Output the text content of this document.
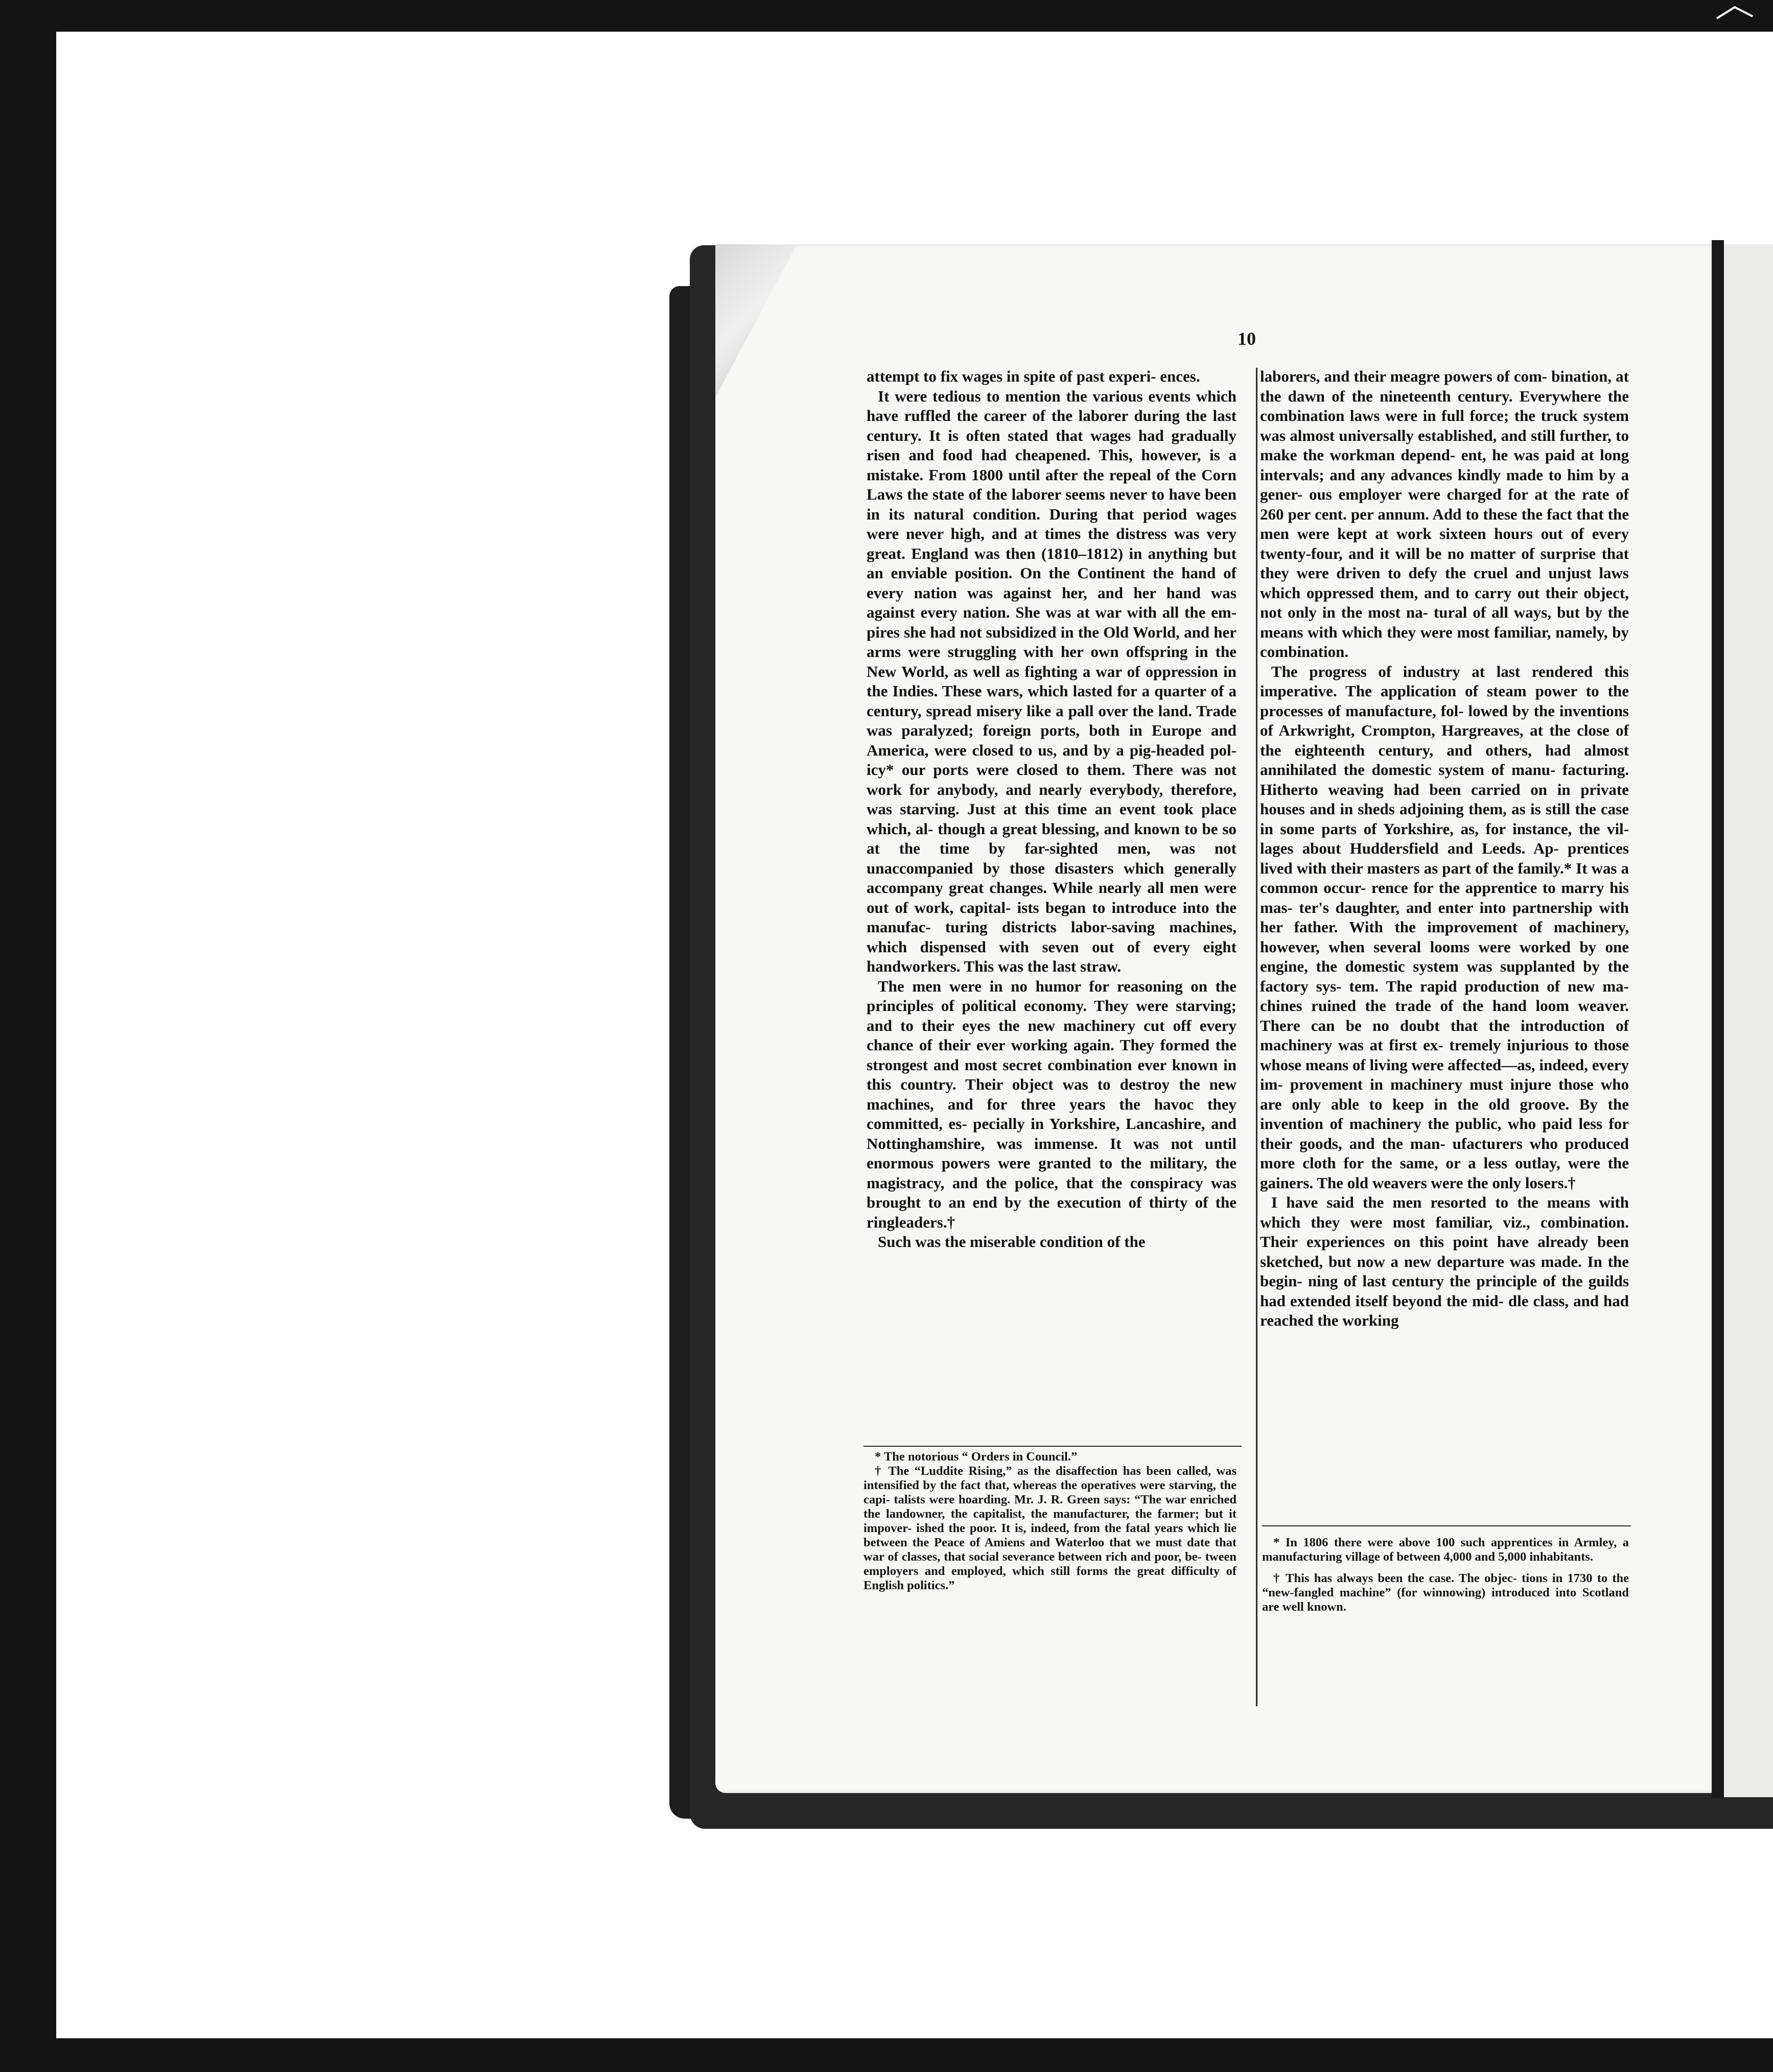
10

attempt to fix wages in spite of past experi- ences.

It were tedious to mention the various events which have ruffled the career of the laborer during the last century. It is often stated that wages had gradually risen and food had cheapened. This, however, is a mistake. From 1800 until after the repeal of the Corn Laws the state of the laborer seems never to have been in its natural condition. During that period wages were never high, and at times the distress was very great. England was then (1810–1812) in anything but an enviable position. On the Continent the hand of every nation was against her, and her hand was against every nation. She was at war with all the em- pires she had not subsidized in the Old World, and her arms were struggling with her own offspring in the New World, as well as fighting a war of oppression in the Indies. These wars, which lasted for a quarter of a century, spread misery like a pall over the land. Trade was paralyzed; foreign ports, both in Europe and America, were closed to us, and by a pig-headed pol- icy* our ports were closed to them. There was not work for anybody, and nearly everybody, therefore, was starving. Just at this time an event took place which, al- though a great blessing, and known to be so at the time by far-sighted men, was not unaccompanied by those disasters which generally accompany great changes. While nearly all men were out of work, capital- ists began to introduce into the manufac- turing districts labor-saving machines, which dispensed with seven out of every eight handworkers. This was the last straw.

The men were in no humor for reasoning on the principles of political economy. They were starving; and to their eyes the new machinery cut off every chance of their ever working again. They formed the strongest and most secret combination ever known in this country. Their object was to destroy the new machines, and for three years the havoc they committed, es- pecially in Yorkshire, Lancashire, and Nottinghamshire, was immense. It was not until enormous powers were granted to the military, the magistracy, and the police, that the conspiracy was brought to an end by the execution of thirty of the ringleaders.†

Such was the miserable condition of the

* The notorious “ Orders in Council.”

† The “Luddite Rising,” as the disaffection has been called, was intensified by the fact that, whereas the operatives were starving, the capi- talists were hoarding. Mr. J. R. Green says: “The war enriched the landowner, the capitalist, the manufacturer, the farmer; but it impover- ished the poor. It is, indeed, from the fatal years which lie between the Peace of Amiens and Waterloo that we must date that war of classes, that social severance between rich and poor, be- tween employers and employed, which still forms the great difficulty of English politics.”

laborers, and their meagre powers of com- bination, at the dawn of the nineteenth century. Everywhere the combination laws were in full force; the truck system was almost universally established, and still further, to make the workman depend- ent, he was paid at long intervals; and any advances kindly made to him by a gener- ous employer were charged for at the rate of 260 per cent. per annum. Add to these the fact that the men were kept at work sixteen hours out of every twenty-four, and it will be no matter of surprise that they were driven to defy the cruel and unjust laws which oppressed them, and to carry out their object, not only in the most na- tural of all ways, but by the means with which they were most familiar, namely, by combination.

The progress of industry at last rendered this imperative. The application of steam power to the processes of manufacture, fol- lowed by the inventions of Arkwright, Crompton, Hargreaves, at the close of the eighteenth century, and others, had almost annihilated the domestic system of manu- facturing. Hitherto weaving had been carried on in private houses and in sheds adjoining them, as is still the case in some parts of Yorkshire, as, for instance, the vil- lages about Huddersfield and Leeds. Ap- prentices lived with their masters as part of the family.* It was a common occur- rence for the apprentice to marry his mas- ter's daughter, and enter into partnership with her father. With the improvement of machinery, however, when several looms were worked by one engine, the domestic system was supplanted by the factory sys- tem. The rapid production of new ma- chines ruined the trade of the hand loom weaver. There can be no doubt that the introduction of machinery was at first ex- tremely injurious to those whose means of living were affected—as, indeed, every im- provement in machinery must injure those who are only able to keep in the old groove. By the invention of machinery the public, who paid less for their goods, and the man- ufacturers who produced more cloth for the same, or a less outlay, were the gainers. The old weavers were the only losers.†

I have said the men resorted to the means with which they were most familiar, viz., combination. Their experiences on this point have already been sketched, but now a new departure was made. In the begin- ning of last century the principle of the guilds had extended itself beyond the mid- dle class, and had reached the working

* In 1806 there were above 100 such apprentices in Armley, a manufacturing village of between 4,000 and 5,000 inhabitants.

† This has always been the case. The objec- tions in 1730 to the “new-fangled machine” (for winnowing) introduced into Scotland are well known.
